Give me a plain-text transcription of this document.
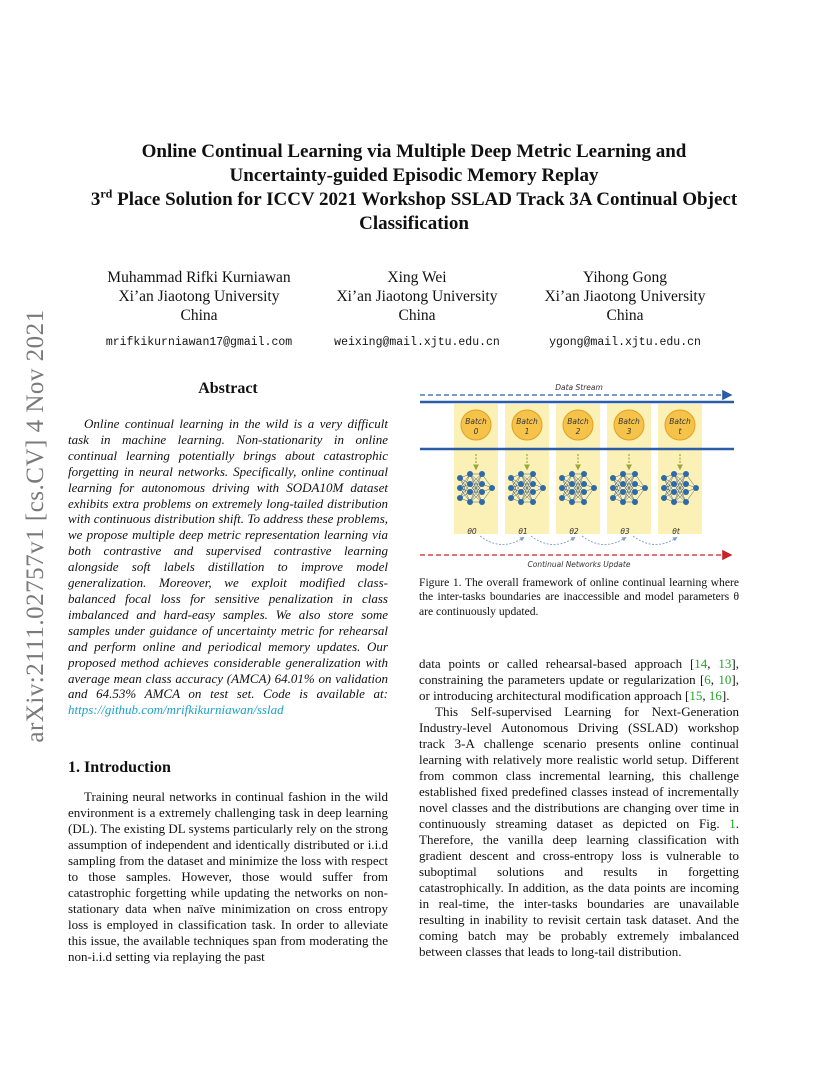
Online Continual Learning via Multiple Deep Metric Learning and
Uncertainty-guided Episodic Memory Replay
3rd Place Solution for ICCV 2021 Workshop SSLAD Track 3A Continual Object
Classification
Muhammad Rifki Kurniawan
Xi’an Jiaotong University
China
mrifkikurniawan17@gmail.com
Xing Wei
Xi’an Jiaotong University
China
weixing@mail.xjtu.edu.cn
Yihong Gong
Xi’an Jiaotong University
China
ygong@mail.xjtu.edu.cn
arXiv:2111.02757v1 [cs.CV] 4 Nov 2021	Abstract

Online continual learning in the wild is a very difficult task in machine learning. Non-stationarity in online continual learning potentially brings about catastrophic forgetting in neural networks. Specifically, online continual learning for autonomous driving with SODA10M dataset exhibits extra problems on extremely long-tailed distribution with continuous distribution shift. To address these problems, we propose multiple deep metric representation learning via both contrastive and supervised contrastive learning alongside soft labels distillation to improve model generalization. Moreover, we exploit modified class-balanced focal loss for sensitive penalization in class imbalanced and hard-easy samples. We also store some samples under guidance of uncertainty metric for rehearsal and perform online and periodical memory updates. Our proposed method achieves considerable generalization with average mean class accuracy (AMCA) 64.01% on validation and 64.53% AMCA on test set. Code is available at: https://github.com/mrifkikurniawan/sslad

1. Introduction

Training neural networks in continual fashion in the wild environment is a extremely challenging task in deep learning (DL). The existing DL systems particularly rely on the strong assumption of independent and identically distributed or i.i.d sampling from the dataset and minimize the loss with respect to those samples. However, those would suffer from catastrophic forgetting while updating the networks on non-stationary data when naïve minimization on cross entropy loss is employed in classification task. In order to alleviate this issue, the available techniques span from moderating the non-i.i.d setting via replaying the past

Data Stream
Batch
0
θ0
Batch
1
θ1
Batch
2
θ2
Batch
3
θ3
Batch
t
θt
Continual Networks Update
Figure 1. The overall framework of online continual learning where the inter-tasks boundaries are inaccessible and model parameters θ are continuously updated.

data points or called rehearsal-based approach [14, 13], constraining the parameters update or regularization [6, 10], or introducing architectural modification approach [15, 16].

This Self-supervised Learning for Next-Generation Industry-level Autonomous Driving (SSLAD) workshop track 3-A challenge scenario presents online continual learning with relatively more realistic world setup. Different from common class incremental learning, this challenge established fixed predefined classes instead of incrementally novel classes and the distributions are changing over time in continuously streaming dataset as depicted on Fig. 1. Therefore, the vanilla deep learning classification with gradient descent and cross-entropy loss is vulnerable to suboptimal solutions and results in forgetting catastrophically. In addition, as the data points are incoming in real-time, the inter-tasks boundaries are unavailable resulting in inability to revisit certain task dataset. And the coming batch may be probably extremely imbalanced between classes that leads to long-tail distribution.
